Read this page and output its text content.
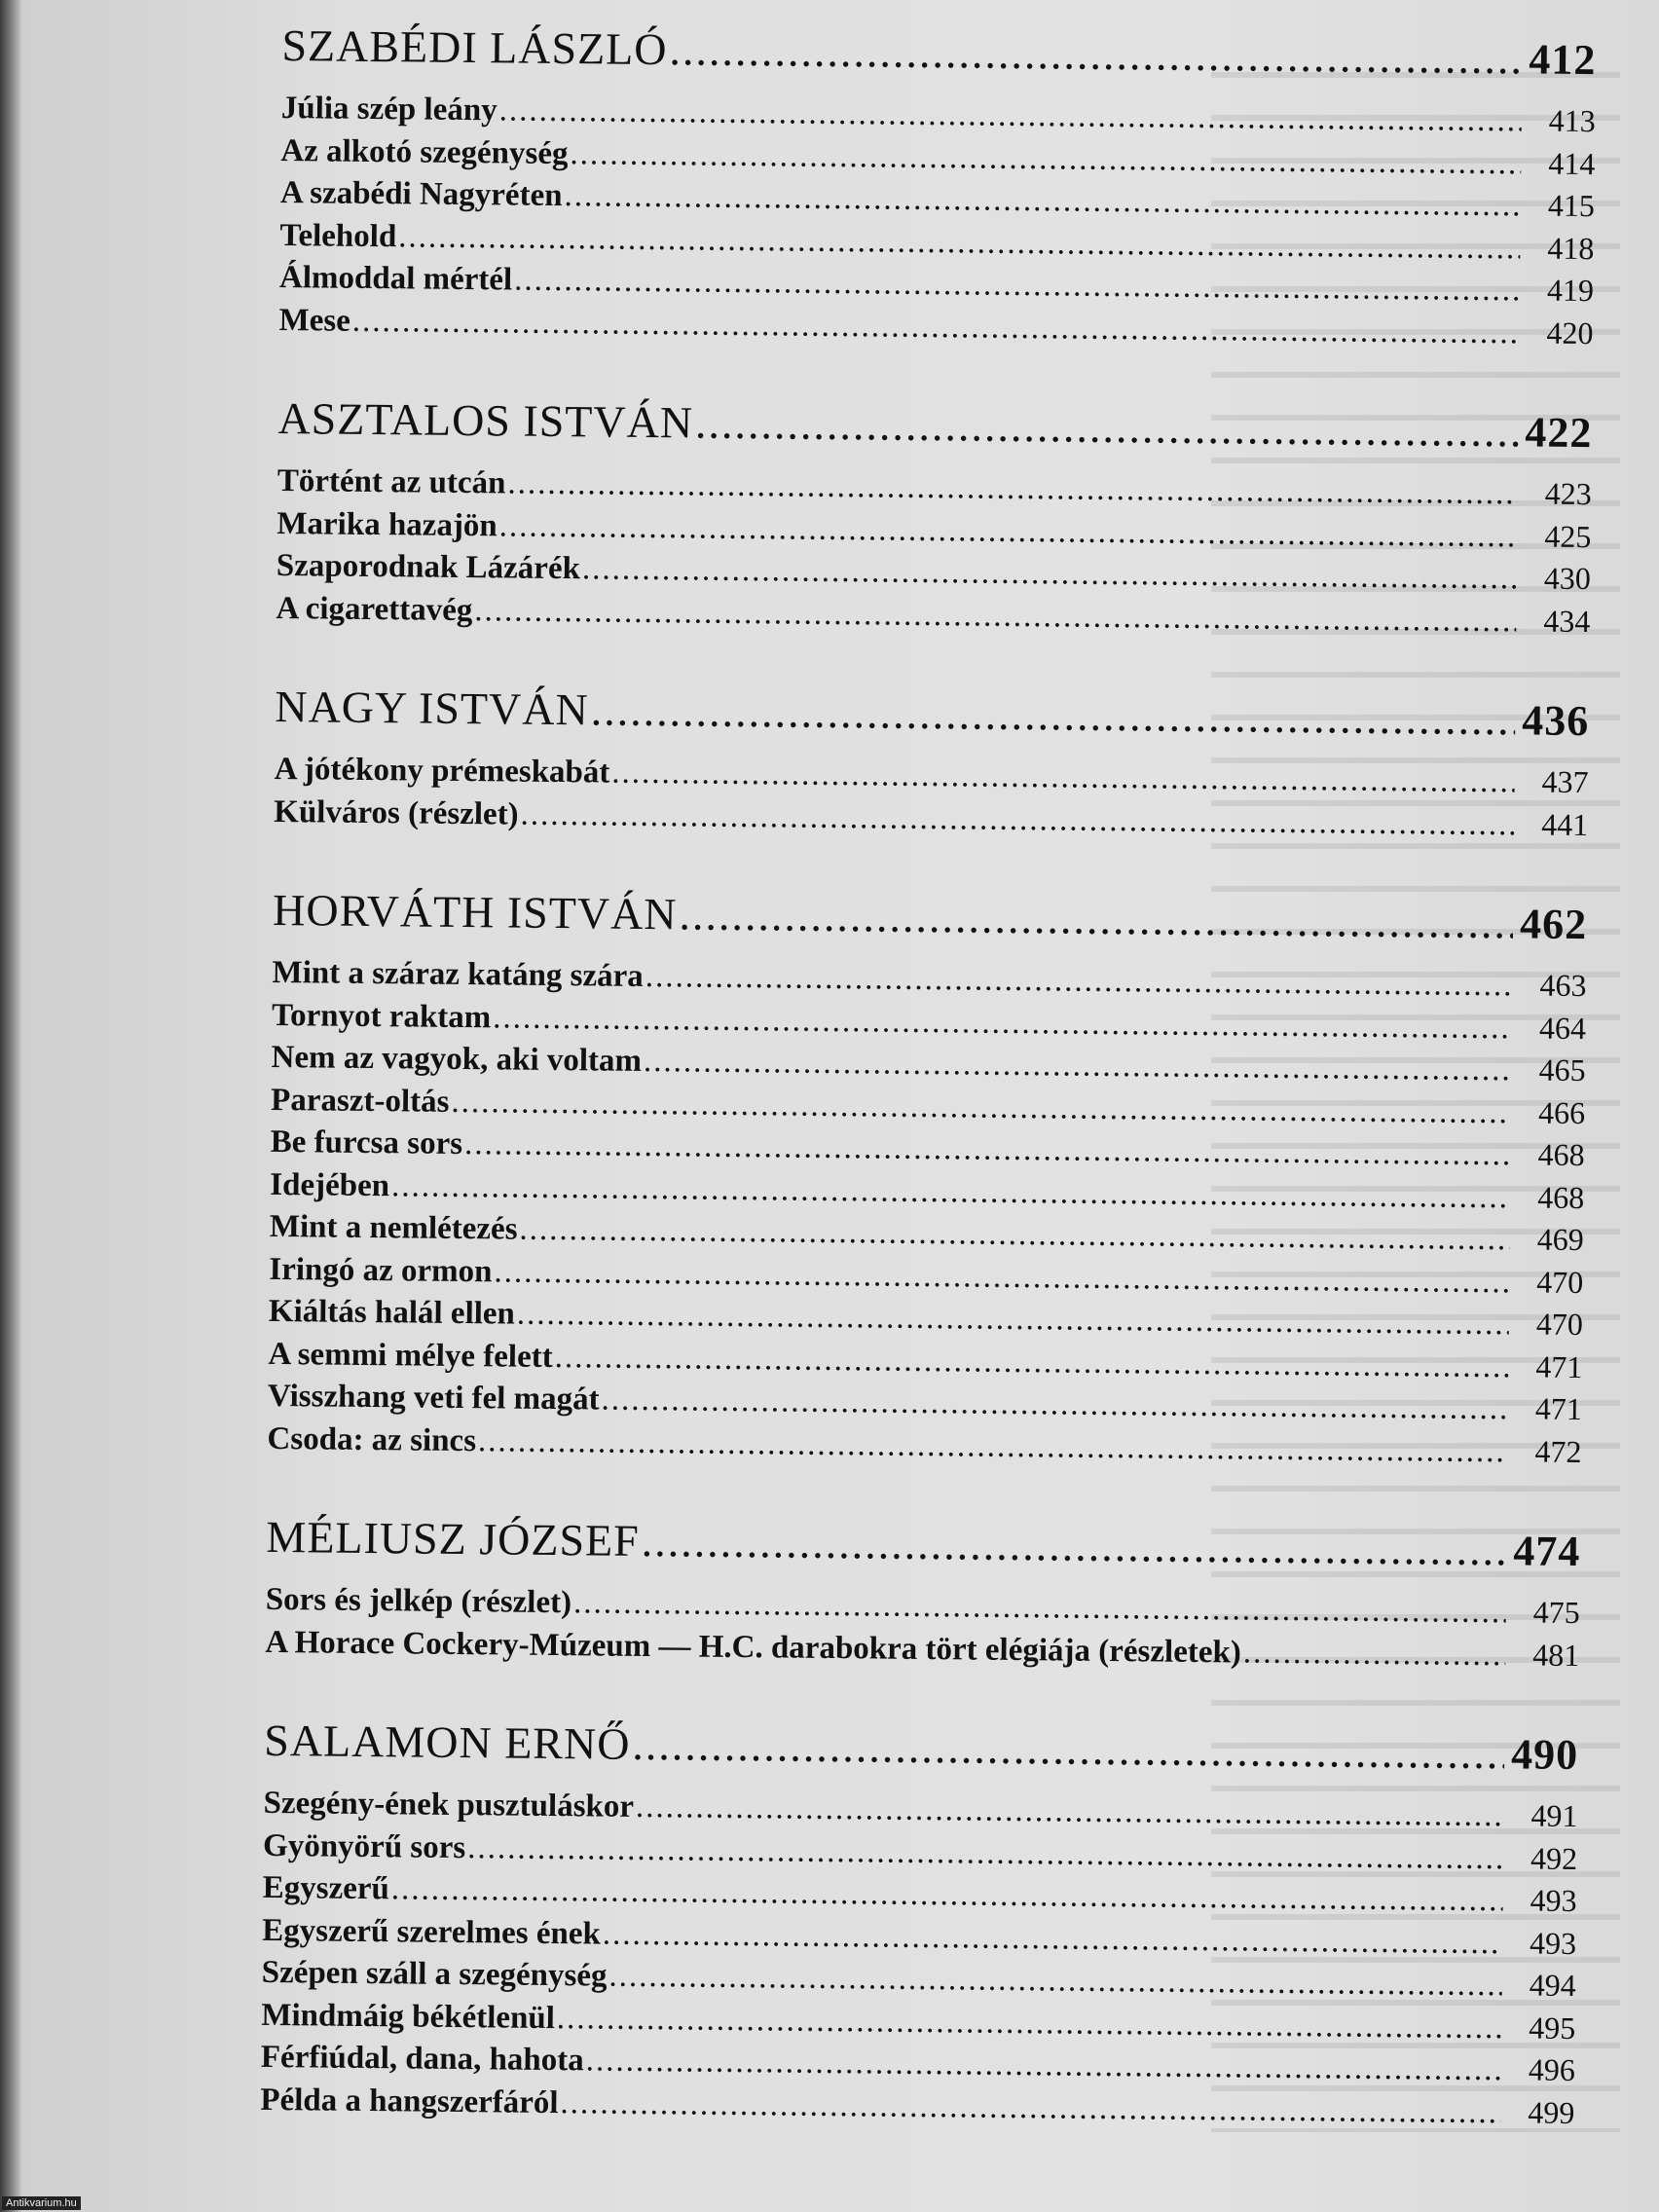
SZABÉDI LÁSZLÓ .....	412
Júlia szép leány .....	413
Az alkotó szegénység .....	414
A szabédi Nagyréten .....	415
Telehold .....	418
Álmoddal mértél .....	419
Mese .....	420
ASZTALOS ISTVÁN .....	422
Történt az utcán .....	423
Marika hazajön .....	425
Szaporodnak Lázárék .....	430
A cigarettavég .....	434
NAGY ISTVÁN .....	436
A jótékony prémeskabát .....	437
Külváros (részlet) .....	441
HORVÁTH ISTVÁN .....	462
Mint a száraz katáng szára .....	463
Tornyot raktam .....	464
Nem az vagyok, aki voltam .....	465
Paraszt-oltás .....	466
Be furcsa sors .....	468
Idejében .....	468
Mint a nemlétezés .....	469
Iringó az ormon .....	470
Kiáltás halál ellen .....	470
A semmi mélye felett .....	471
Visszhang veti fel magát .....	471
Csoda: az sincs .....	472
MÉLIUSZ JÓZSEF .....	474
Sors és jelkép (részlet) .....	475
A Horace Cockery-Múzeum — H.C. darabokra tört elégiája (részletek) .....	481
SALAMON ERNŐ .....	490
Szegény-ének pusztuláskor .....	491
Gyönyörű sors .....	492
Egyszerű .....	493
Egyszerű szerelmes ének .....	493
Szépen száll a szegénység .....	494
Mindmáig békétlenül .....	495
Férfiúdal, dana, hahota .....	496
Példa a hangszerfáról .....	499
Antikvarium.hu
